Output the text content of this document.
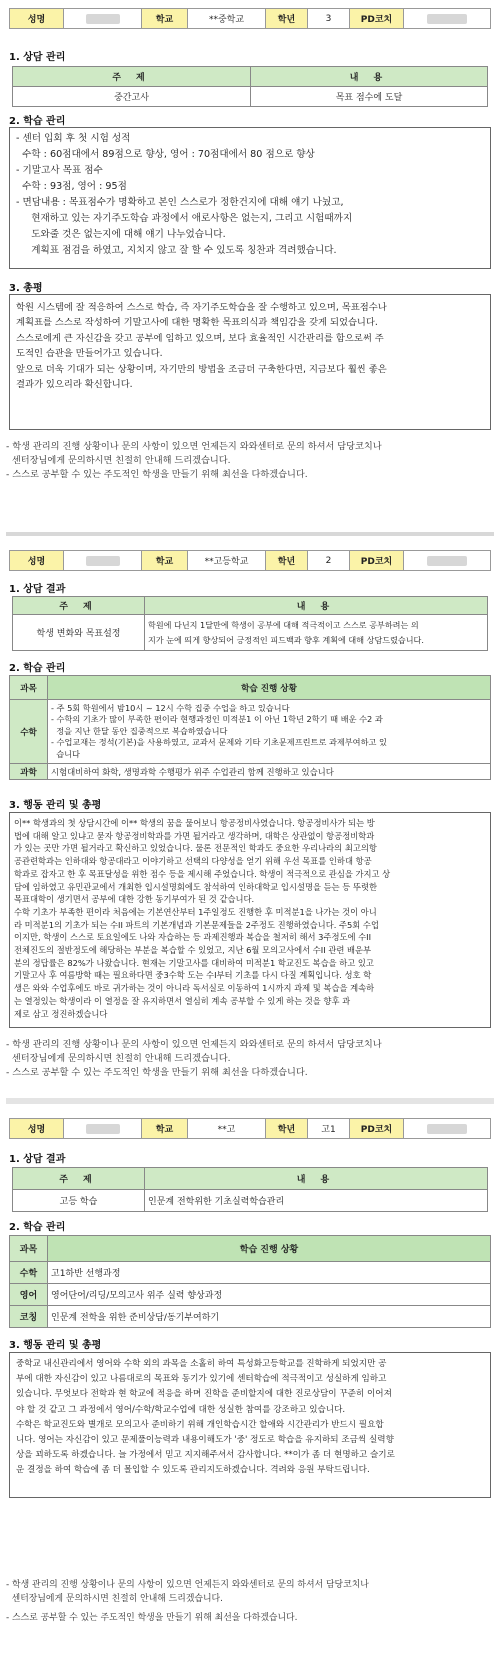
성명	학교	**중학교	학년	3	PD코치
1. 상담 관리
주 제	내 용
중간고사	목표 점수에 도달
2. 학습 관리
- 센터 입회 후 첫 시험 성적
수학 : 60점대에서 89점으로 향상, 영어 : 70점대에서 80 점으로 향상
- 기말고사 목표 점수
수학 : 93점, 영어 : 95점
- 면담내용 : 목표점수가 명확하고 본인 스스로가 정한건지에 대해 얘기 나눴고,
현재하고 있는 자기주도학습 과정에서 애로사항은 없는지, 그리고 시험때까지
도와줄 것은 없는지에 대해 얘기 나누었습니다.
계획표 점검을 하였고, 지치지 않고 잘 할 수 있도록 칭찬과 격려했습니다.
3. 총평
학원 시스템에 잘 적응하여 스스로 학습, 즉 자기주도학습을 잘 수행하고 있으며, 목표점수나
계획표를 스스로 작성하여 기말고사에 대한 명확한 목표의식과 책임감을 갖게 되었습니다.
스스로에게 큰 자신감을 갖고 공부에 임하고 있으며, 보다 효율적인 시간관리를 함으로써 주
도적인 습관을 만들어가고 있습니다.
앞으로 더욱 기대가 되는 상황이며, 자기만의 방법을 조금더 구축한다면, 지금보다 훨씬 좋은
결과가 있으리라 확신합니다.
- 학생 관리의 진행 상황이나 문의 사항이 있으면 언제든지 와와센터로 문의 하셔서 담당코치나
센터장님에게 문의하시면 친절히 안내해 드리겠습니다.
- 스스로 공부할 수 있는 주도적인 학생을 만들기 위해 최선을 다하겠습니다.
성명	학교	**고등학교	학년	2	PD코치
1. 상담 결과
주 제	내 용
학생 변화와 목표설정	학원에 다닌지 1달만에 학생이 공부에 대해 적극적이고 스스로 공부하려는 의
지가 눈에 띄게 향상되어 긍정적인 피드백과 향후 계획에 대해 상담드렸습니다.
2. 학습 관리
과목	학습 진행 상황
수학	- 주 5회 학원에서 밤10시 ~ 12시 수학 집중 수업을 하고 있습니다
- 수학의 기초가 많이 부족한 편이라 현행과정인 미적분1 이 아닌 1학년 2학기 때 배운 수2 과
정을 지난 한달 동안 집중적으로 복습하였습니다
- 수업교재는 정석(기본)을 사용하였고, 교과서 문제와 기타 기초문제프린트로 과제부여하고 있
습니다

과학	시험대비하여 화학, 생명과학 수행평가 위주 수업관리 함께 진행하고 있습니다
3. 행동 관리 및 총평
이** 학생과의 첫 상담시간에 이** 학생의 꿈을 물어보니 항공정비사였습니다. 항공정비사가 되는 방
법에 대해 알고 있냐고 묻자 항공정비학과를 가면 될거라고 생각하며, 대학은 상관없이 항공정비학과
가 있는 곳만 가면 될거라고 확신하고 있었습니다. 물론 전문적인 학과도 중요한 우리나라의 최고의항
공관련학과는 인하대와 항공대라고 이야기하고 선택의 다양성을 얻기 위해 우선 목표를 인하대 항공
학과로 잡자고 한 후 목표달성을 위한 점수 등을 제시해 주었습니다. 학생이 적극적으로 관심을 가지고 상
담에 임하였고 유민관교에서 개최한 입시설명회에도 참석하여 인하대학교 입시설명을 듣는 등 뚜렷한
목표대학이 생기면서 공부에 대한 강한 동기부여가 된 것 같습니다.
수학 기초가 부족한 편이라 처음에는 기본연산부터 1주일정도 진행한 후 미적분1을 나가는 것이 아니
라 미적분1의 기초가 되는 수II 파트의 기본개념과 기본문제들을 2주정도 진행하였습니다. 주5회 수업
이지만, 학생이 스스로 토요일에도 나와 자습하는 등 과제진행과 복습을 철저히 해서 3주정도에 수II
전체진도의 절반정도에 해당하는 부분을 복습할 수 있었고, 지난 6월 모의고사에서 수II 관련 배운부
분의 정답률은 82%가 나왔습니다. 현재는 기말고사를 대비하여 미적분1 학교진도 복습을 하고 있고
기말고사 후 여름방학 때는 필요하다면 중3수학 도는 수I부터 기초를 다시 다질 계획입니다. 성호 학
생은 와와 수업후에도 바로 귀가하는 것이 아니라 독서실로 이동하여 1시까지 과제 및 복습을 계속하
는 열정있는 학생이라 이 열정을 잘 유지하면서 열심히 계속 공부할 수 있게 하는 것을 향후 과
제로 삼고 정진하겠습니다
- 학생 관리의 진행 상황이나 문의 사항이 있으면 언제든지 와와센터로 문의 하셔서 담당코치나
센터장님에게 문의하시면 친절히 안내해 드리겠습니다.
- 스스로 공부할 수 있는 주도적인 학생을 만들기 위해 최선을 다하겠습니다.
성명	학교	**고	학년	고1	PD코치
1. 상담 결과
주 제	내 용
고등 학습	인문계 전학위한 기초실력학습관리
2. 학습 관리
과목	학습 진행 상황
수학	고1하반 선행과정
영어	영어단어/리딩/모의고사 위주 실력 향상과정
코칭	인문계 전학을 위한 준비상담/동기부여하기
3. 행동 관리 및 총평
중학교 내신관리에서 영어와 수학 외의 과목을 소홀히 하여 특성화고등학교를 진학하게 되었지만 공
부에 대한 자신감이 있고 나름대로의 목표와 동기가 있기에 센터학습에 적극적이고 성실하게 임하고
있습니다. 무엇보다 전학과 현 학교에 적응을 하며 진학을 준비할지에 대한 진로상담이 꾸준히 이어져
야 할 것 같고 그 과정에서 영어/수학/학교수업에 대한 성실한 참여를 강조하고 있습니다.
수학은 학교진도와 별개로 모의고사 준비하기 위해 개인학습시간 할애와 시간관리가 반드시 필요합
니다. 영어는 자신감이 있고 문제풀이능력과 내용이해도가 '중' 정도로 학습을 유지하되 조금씩 실력향
상을 꾀하도록 하겠습니다. 늘 가정에서 믿고 지지해주셔서 감사합니다. **이가 좀 더 현명하고 슬기로
운 결정을 하여 학습에 좀 더 몰입할 수 있도록 관리지도하겠습니다. 격려와 응원 부탁드립니다.
- 학생 관리의 진행 상황이나 문의 사항이 있으면 언제든지 와와센터로 문의 하셔서 담당코치나
센터장님에게 문의하시면 친절히 안내해 드리겠습니다.
- 스스로 공부할 수 있는 주도적인 학생을 만들기 위해 최선을 다하겠습니다.
